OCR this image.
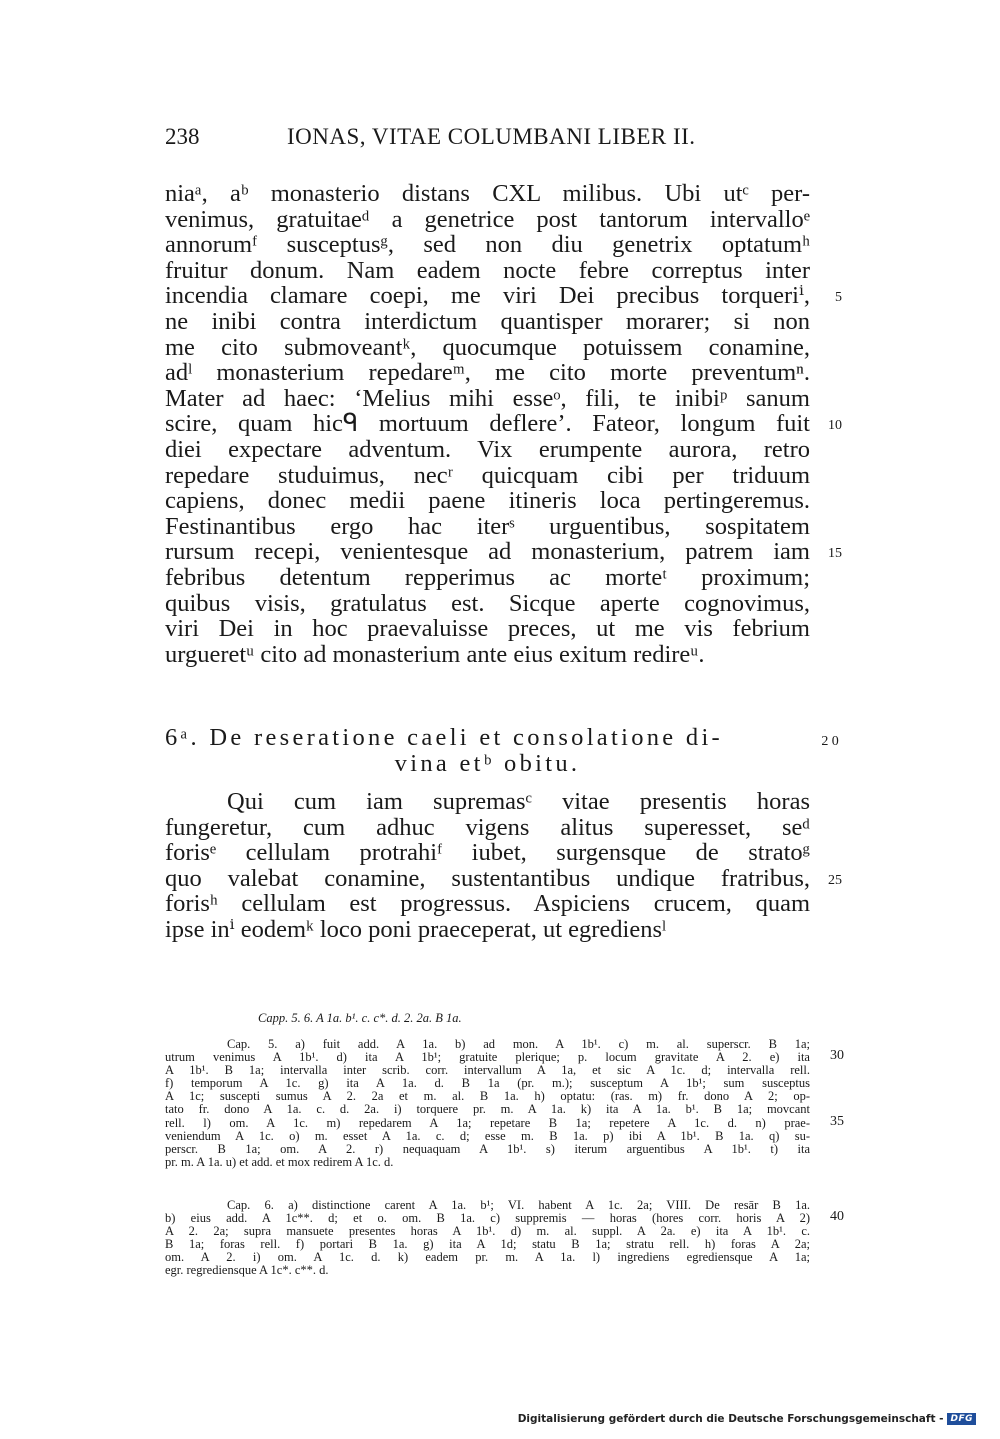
238	IONAS, VITAE COLUMBANI LIBER II.
niaᵃ, aᵇ monasterio distans CXL milibus. Ubi utᶜ per-
venimus, gratuitaeᵈ a genetrice post tantorum intervalloᵉ
annorumᶠ susceptusᵍ, sed non diu genetrix optatumʰ
fruitur donum. Nam eadem nocte febre correptus inter
incendia clamare coepi, me viri Dei precibus torqueriⁱ, 5
ne inibi contra interdictum quantisper morarer; si non
me cito submoveantᵏ, quocumque potuissem conamine,
adˡ monasterium repedareᵐ, me cito morte preventumⁿ.
Mater ad haec: ‘Melius mihi esseᵒ, fili, te inibiᵖ sanum
scire, quam hicᑫ mortuum deflere’. Fateor, longum fuit 10
diei expectare adventum. Vix erumpente aurora, retro
repedare studuimus, necʳ quicquam cibi per triduum
capiens, donec medii paene itineris loca pertingeremus.
Festinantibus ergo hac iterˢ urguentibus, sospitatem
rursum recepi, venientesque ad monasterium, patrem iam 15
febribus detentum repperimus ac morteᵗ proximum;
quibus visis, gratulatus est. Sicque aperte cognovimus,
viri Dei in hoc praevaluisse preces, ut me vis febrium
urgueretᵘ cito ad monasterium ante eius exitum redireᵘ.
6ᵃ. De reseratione caeli et consolatione di-	20
vina etᵇ obitu.
Qui cum iam supremasᶜ vitae presentis horas
fungeretur, cum adhuc vigens alitus superesset, seᵈ
forisᵉ cellulam protrahiᶠ iubet, surgensque de stratoᵍ
quo valebat conamine, sustentantibus undique fratribus, 25
forisʰ cellulam est progressus. Aspiciens crucem, quam
ipse inⁱ eodemᵏ loco poni praeceperat, ut egrediensˡ
Capp. 5. 6. A 1a. b¹. c. c*. d. 2. 2a. B 1a.
Cap. 5. a) fuit add. A 1a. b) ad mon. A 1b¹. c) m. al. superscr. B 1a;
utrum venimus A 1b¹. d) ita A 1b¹; gratuite plerique; p. locum gravitate A 2. e) ita 30
A 1b¹. B 1a; intervalla inter scrib. corr. intervallum A 1a, et sic A 1c. d; intervalla rell.
f) temporum A 1c. g) ita A 1a. d. B 1a (pr. m.); susceptum A 1b¹; sum susceptus
A 1c; suscepti sumus A 2. 2a et m. al. B 1a. h) optatu: (ras. m) fr. dono A 2; op-
tato fr. dono A 1a. c. d. 2a. i) torquere pr. m. A 1a. k) ita A 1a. b¹. B 1a; movcant
rell. l) om. A 1c. m) repedarem A 1a; repetare B 1a; repetere A 1c. d. n) prae- 35
veniendum A 1c. o) m. esset A 1a. c. d; esse m. B 1a. p) ibi A 1b¹. B 1a. q) su-
perscr. B 1a; om. A 2. r) nequaquam A 1b¹. s) iterum arguentibus A 1b¹. t) ita
pr. m. A 1a. u) et add. et mox redirem A 1c. d.
Cap. 6. a) distinctione carent A 1a. b¹; VI. habent A 1c. 2a; VIII. De resār B 1a.
b) eius add. A 1c**. d; et o. om. B 1a. c) suppremis — horas (hores corr. horis A 2) 40
A 2. 2a; supra mansuete presentes horas A 1b¹. d) m. al. suppl. A 2a. e) ita A 1b¹. c.
B 1a; foras rell. f) portari B 1a. g) ita A 1d; statu B 1a; stratu rell. h) foras A 2a;
om. A 2. i) om. A 1c. d. k) eadem pr. m. A 1a. l) ingrediens egrediensque A 1a;
egr. regrediensque A 1c*. c**. d.
Digitalisierung gefördert durch die Deutsche Forschungsgemeinschaft - DFG
